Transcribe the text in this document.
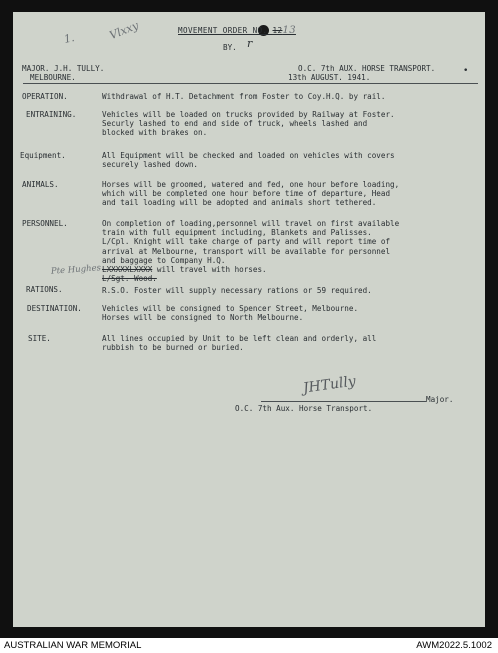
Vlxxy
1.
MOVEMENT ORDER NO. 1213
BY. r
MAJOR. J.H. TULLY.
MELBOURNE.
O.C. 7th AUX. HORSE TRANSPORT.
13th AUGUST. 1941.
•
OPERATION.	Withdrawal of H.T. Detachment from Foster to Coy.H.Q. by rail.
ENTRAINING.	Vehicles will be loaded on trucks provided by Railway at Foster.
Securly lashed to end and side of truck, wheels lashed and
blocked with brakes on.
Equipment.	All Equipment will be checked and loaded on vehicles with covers
securely lashed down.
ANIMALS.	Horses will be groomed, watered and fed, one hour before loading,
which will be completed one hour before time of departure, Head
and tail loading will be adopted and animals short tethered.
PERSONNEL.	On completion of loading,personnel will travel on first available
train with full equipment including, Blankets and Palisses.
L/Cpl. Knight will take charge of party and will report time of
arrival at Melbourne, transport will be available for personnel
and baggage to Company H.Q.
LXXXXXLXXXX will travel with horses.
L/Sgt. Wood.
Pte Hughes
RATIONS.	R.S.O. Foster will supply necessary rations or 59 required.
DESTINATION.	Vehicles will be consigned to Spencer Street, Melbourne.
Horses will be consigned to North Melbourne.
SITE.	All lines occupied by Unit to be left clean and orderly, all
rubbish to be burned or buried.
JHTully
Major.
O.C. 7th Aux. Horse Transport.
AUSTRALIAN WAR MEMORIAL	AWM2022.5.1002
